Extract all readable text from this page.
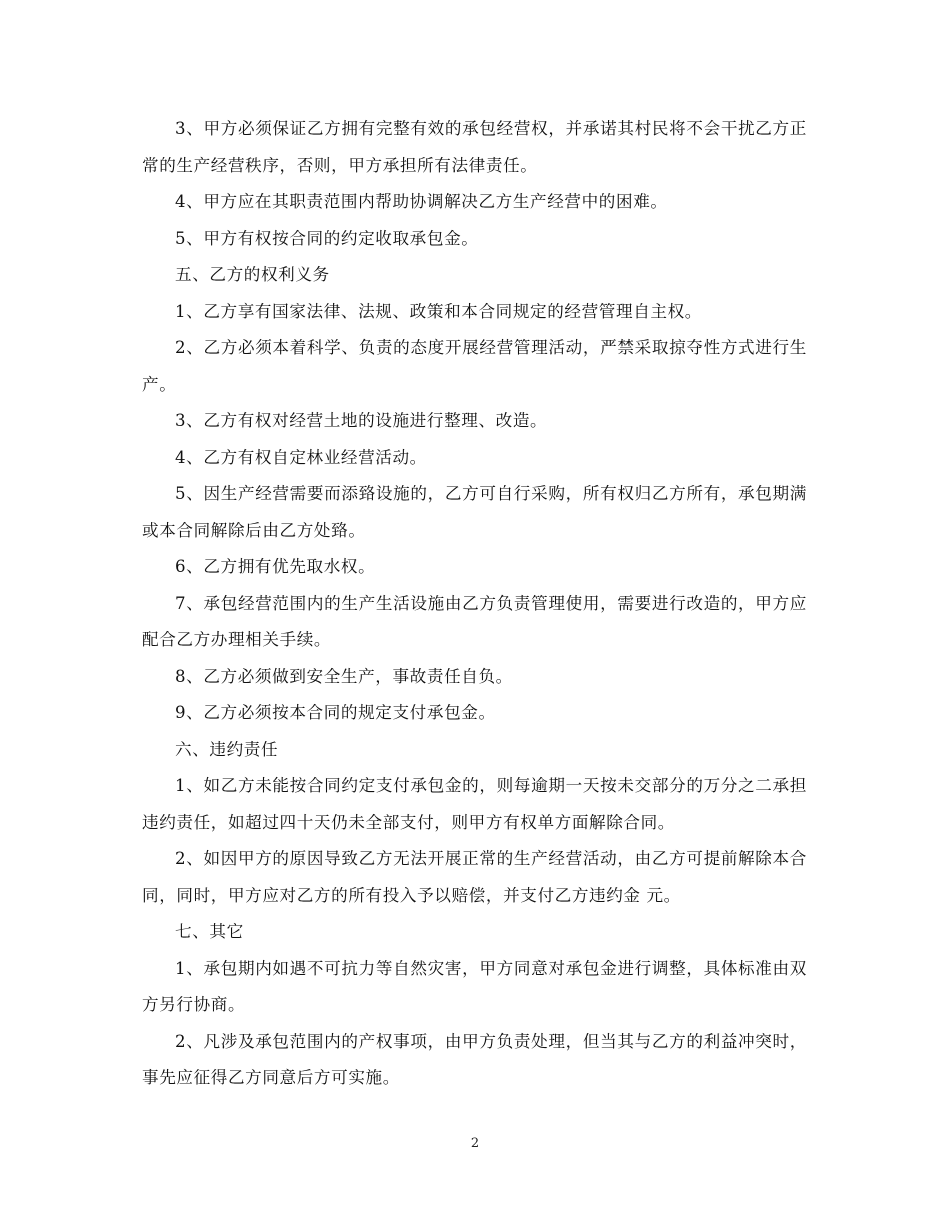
3、甲方必须保证乙方拥有完整有效的承包经营权，并承诺其村民将不会干扰乙方正常的生产经营秩序，否则，甲方承担所有法律责任。

4、甲方应在其职责范围内帮助协调解决乙方生产经营中的困难。

5、甲方有权按合同的约定收取承包金。

五、乙方的权利义务

1、乙方享有国家法律、法规、政策和本合同规定的经营管理自主权。

2、乙方必须本着科学、负责的态度开展经营管理活动，严禁采取掠夺性方式进行生产。

3、乙方有权对经营土地的设施进行整理、改造。

4、乙方有权自定林业经营活动。

5、因生产经营需要而添臵设施的，乙方可自行采购，所有权归乙方所有，承包期满或本合同解除后由乙方处臵。

6、乙方拥有优先取水权。

7、承包经营范围内的生产生活设施由乙方负责管理使用，需要进行改造的，甲方应配合乙方办理相关手续。

8、乙方必须做到安全生产，事故责任自负。

9、乙方必须按本合同的规定支付承包金。

六、违约责任

1、如乙方未能按合同约定支付承包金的，则每逾期一天按未交部分的万分之二承担违约责任，如超过四十天仍未全部支付，则甲方有权单方面解除合同。

2、如因甲方的原因导致乙方无法开展正常的生产经营活动，由乙方可提前解除本合同，同时，甲方应对乙方的所有投入予以赔偿，并支付乙方违约金 元。

七、其它

1、承包期内如遇不可抗力等自然灾害，甲方同意对承包金进行调整，具体标准由双方另行协商。

2、凡涉及承包范围内的产权事项，由甲方负责处理，但当其与乙方的利益冲突时，事先应征得乙方同意后方可实施。

2
